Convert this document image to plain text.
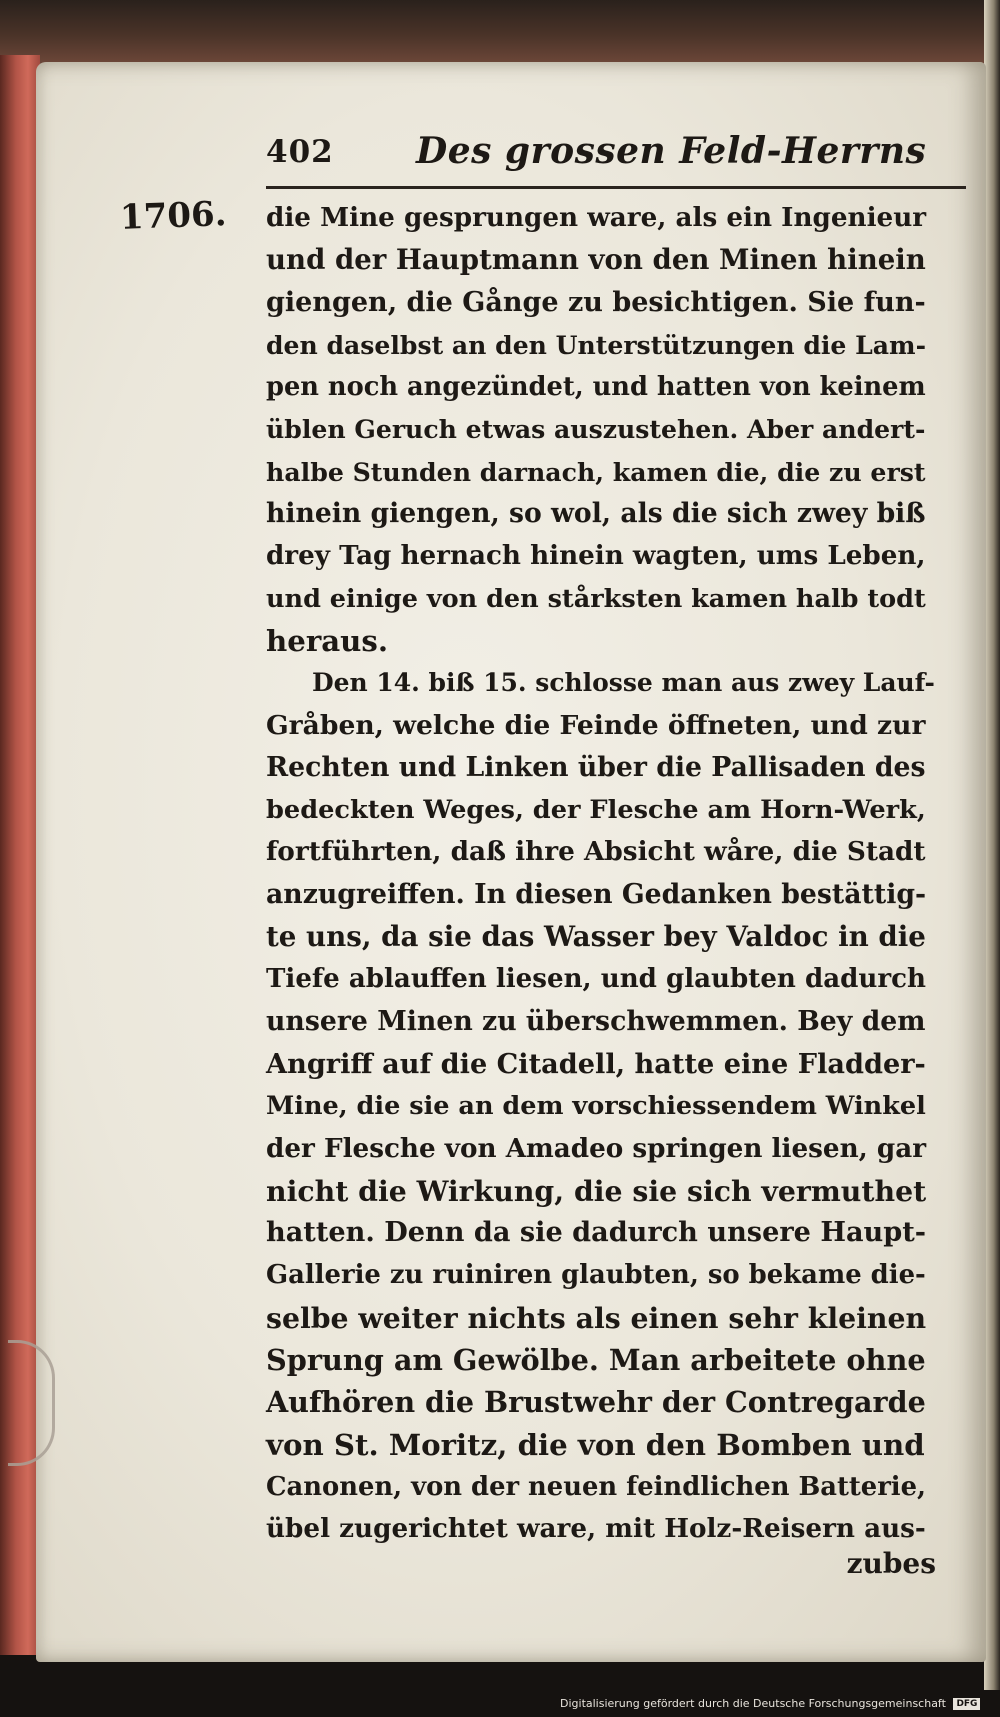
1706.
402 Des grossen Feld-Herrns
die Mine gesprungen ware, als ein Ingenieur
und der Hauptmann von den Minen hinein
giengen, die Gånge zu besichtigen. Sie fun-
den daselbst an den Unterstützungen die Lam-
pen noch angezündet, und hatten von keinem
üblen Geruch etwas auszustehen. Aber andert-
halbe Stunden darnach, kamen die, die zu erst
hinein giengen, so wol, als die sich zwey biß
drey Tag hernach hinein wagten, ums Leben,
und einige von den stårksten kamen halb todt
heraus.
Den 14. biß 15. schlosse man aus zwey Lauf-
Gråben, welche die Feinde öffneten, und zur
Rechten und Linken über die Pallisaden des
bedeckten Weges, der Flesche am Horn-Werk,
fortführten, daß ihre Absicht wåre, die Stadt
anzugreiffen. In diesen Gedanken bestättig-
te uns, da sie das Wasser bey Valdoc in die
Tiefe ablauffen liesen, und glaubten dadurch
unsere Minen zu überschwemmen. Bey dem
Angriff auf die Citadell, hatte eine Fladder-
Mine, die sie an dem vorschiessendem Winkel
der Flesche von Amadeo springen liesen, gar
nicht die Wirkung, die sie sich vermuthet
hatten. Denn da sie dadurch unsere Haupt-
Gallerie zu ruiniren glaubten, so bekame die-
selbe weiter nichts als einen sehr kleinen
Sprung am Gewölbe. Man arbeitete ohne
Aufhören die Brustwehr der Contregarde
von St. Moritz, die von den Bomben und
Canonen, von der neuen feindlichen Batterie,
übel zugerichtet ware, mit Holz-Reisern aus-
zubes
Digitalisierung gefördert durch die Deutsche Forschungsgemeinschaft DFG
